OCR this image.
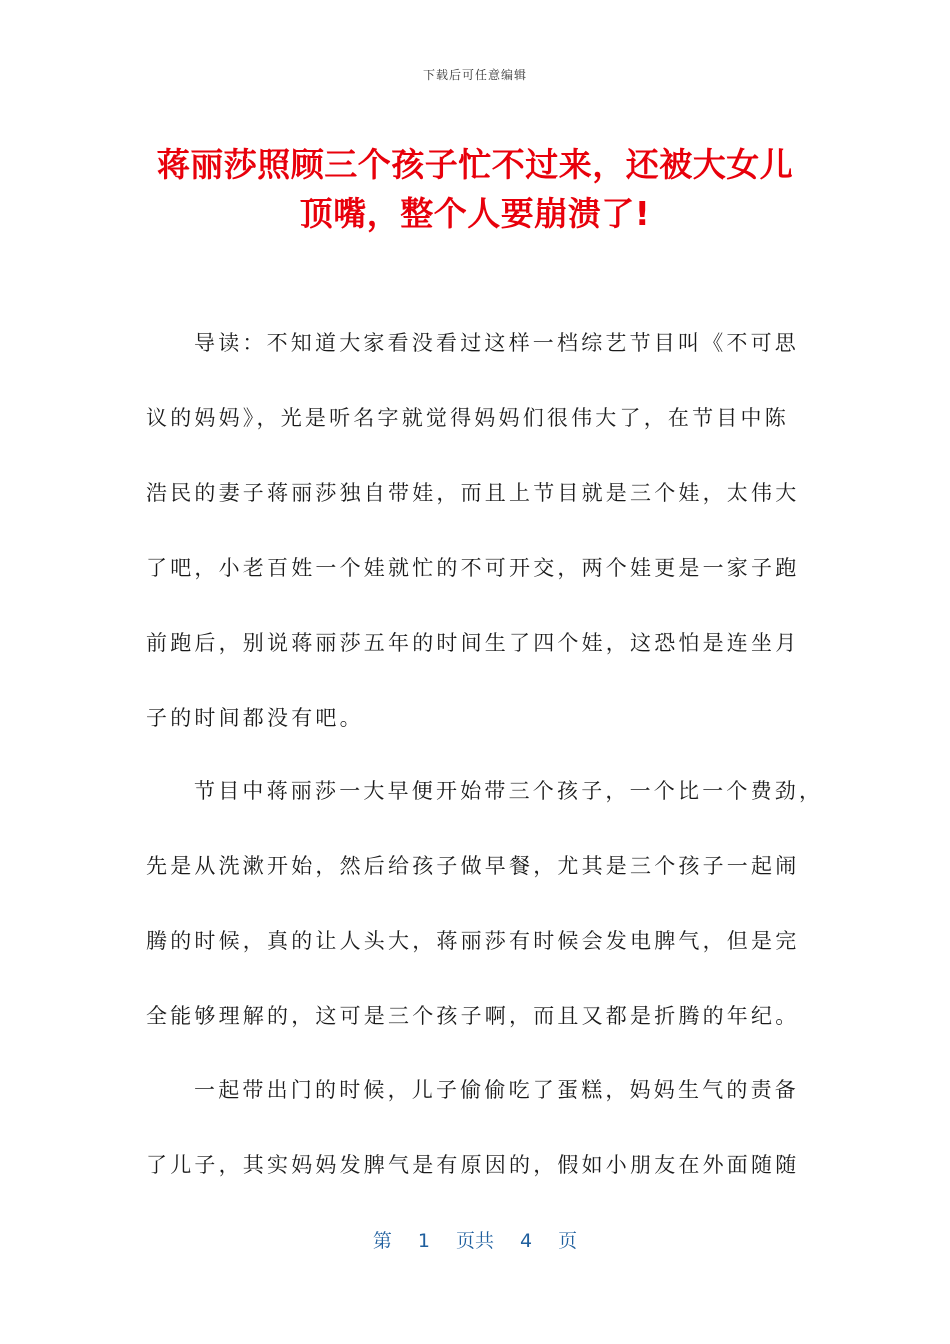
下载后可任意编辑
蒋丽莎照顾三个孩子忙不过来，还被大女儿
顶嘴，整个人要崩溃了!
导读：不知道大家看没看过这样一档综艺节目叫《不可思
议的妈妈》，光是听名字就觉得妈妈们很伟大了，在节目中陈
浩民的妻子蒋丽莎独自带娃，而且上节目就是三个娃，太伟大
了吧，小老百姓一个娃就忙的不可开交，两个娃更是一家子跑
前跑后，别说蒋丽莎五年的时间生了四个娃，这恐怕是连坐月
子的时间都没有吧。
节目中蒋丽莎一大早便开始带三个孩子，一个比一个费劲，
先是从洗漱开始，然后给孩子做早餐，尤其是三个孩子一起闹
腾的时候，真的让人头大，蒋丽莎有时候会发电脾气，但是完
全能够理解的，这可是三个孩子啊，而且又都是折腾的年纪。
一起带出门的时候，儿子偷偷吃了蛋糕，妈妈生气的责备
了儿子，其实妈妈发脾气是有原因的，假如小朋友在外面随随
第 1 页共 4 页
